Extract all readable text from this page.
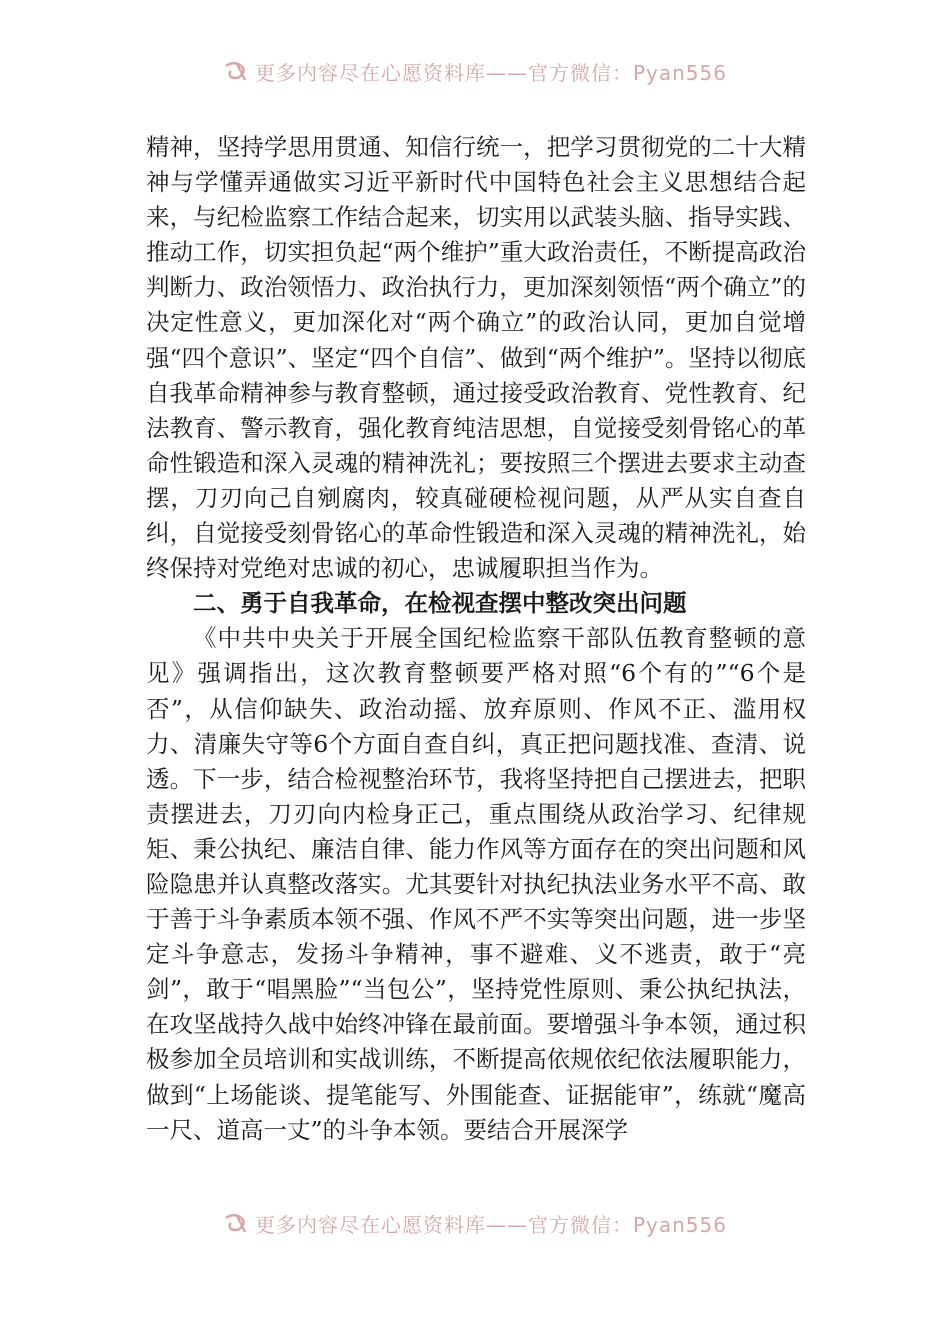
更多内容尽在心愿资料库——官方微信：Pyan556

精神，坚持学思用贯通、知信行统一，把学习贯彻党的二十大精神与学懂弄通做实习近平新时代中国特色社会主义思想结合起来，与纪检监察工作结合起来，切实用以武装头脑、指导实践、推动工作，切实担负起“两个维护”重大政治责任，不断提高政治判断力、政治领悟力、政治执行力，更加深刻领悟“两个确立”的决定性意义，更加深化对“两个确立”的政治认同，更加自觉增强“四个意识”、坚定“四个自信”、做到“两个维护”。坚持以彻底自我革命精神参与教育整顿，通过接受政治教育、党性教育、纪法教育、警示教育，强化教育纯洁思想，自觉接受刻骨铭心的革命性锻造和深入灵魂的精神洗礼；要按照三个摆进去要求主动查摆，刀刃向己自剜腐肉，较真碰硬检视问题，从严从实自查自纠，自觉接受刻骨铭心的革命性锻造和深入灵魂的精神洗礼，始终保持对党绝对忠诚的初心，忠诚履职担当作为。

二、勇于自我革命，在检视查摆中整改突出问题

《中共中央关于开展全国纪检监察干部队伍教育整顿的意见》强调指出，这次教育整顿要严格对照“6个有的”“6个是否”，从信仰缺失、政治动摇、放弃原则、作风不正、滥用权力、清廉失守等6个方面自查自纠，真正把问题找准、查清、说透。下一步，结合检视整治环节，我将坚持把自己摆进去，把职责摆进去，刀刃向内检身正己，重点围绕从政治学习、纪律规矩、秉公执纪、廉洁自律、能力作风等方面存在的突出问题和风险隐患并认真整改落实。尤其要针对执纪执法业务水平不高、敢于善于斗争素质本领不强、作风不严不实等突出问题，进一步坚定斗争意志，发扬斗争精神，事不避难、义不逃责，敢于“亮剑”，敢于“唱黑脸”“当包公”，坚持党性原则、秉公执纪执法，在攻坚战持久战中始终冲锋在最前面。要增强斗争本领，通过积极参加全员培训和实战训练，不断提高依规依纪依法履职能力，做到“上场能谈、提笔能写、外围能查、证据能审”，练就“魔高一尺、道高一丈”的斗争本领。要结合开展深学

更多内容尽在心愿资料库——官方微信：Pyan556
